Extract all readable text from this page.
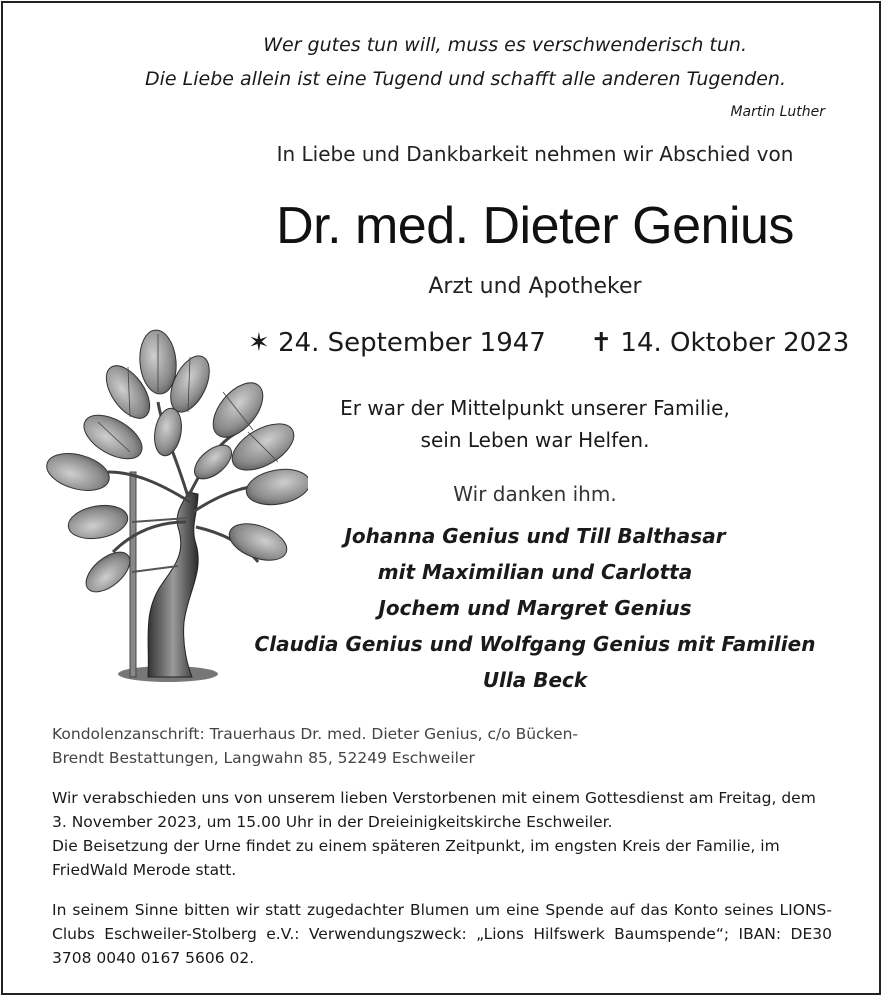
Wer gutes tun will, muss es verschwenderisch tun.
Die Liebe allein ist eine Tugend und schafft alle anderen Tugenden.
Martin Luther
In Liebe und Dankbarkeit nehmen wir Abschied von
Dr. med. Dieter Genius
Arzt und Apotheker
✶ 24. September 1947 ✝ 14. Oktober 2023
Er war der Mittelpunkt unserer Familie,
sein Leben war Helfen.
Wir danken ihm.
Johanna Genius und Till Balthasar
mit Maximilian und Carlotta
Jochem und Margret Genius
Claudia Genius und Wolfgang Genius mit Familien
Ulla Beck
Kondolenzanschrift: Trauerhaus Dr. med. Dieter Genius, c/o Bücken-Brendt Bestattungen, Langwahn 85, 52249 Eschweiler
Wir verabschieden uns von unserem lieben Verstorbenen mit einem Gottesdienst am Freitag, dem 3. November 2023, um 15.00 Uhr in der Dreieinigkeitskirche Eschweiler.
Die Beisetzung der Urne findet zu einem späteren Zeitpunkt, im engsten Kreis der Familie, im FriedWald Merode statt.
In seinem Sinne bitten wir statt zugedachter Blumen um eine Spende auf das Konto seines LIONS-Clubs Eschweiler-Stolberg e.V.: Verwendungszweck: „Lions Hilfswerk Baumspende“; IBAN: DE30 3708 0040 0167 5606 02.
